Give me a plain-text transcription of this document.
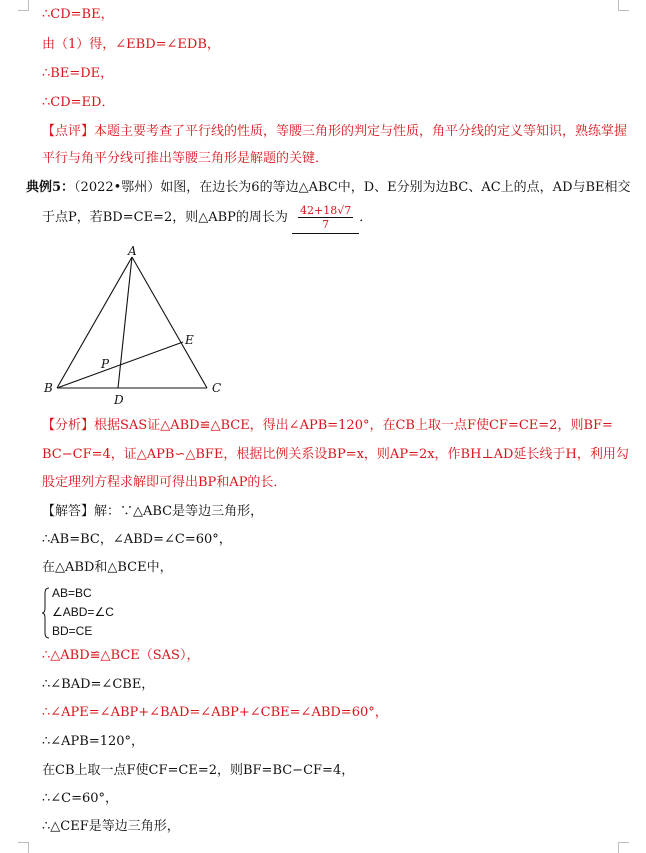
∴CD=BE，
由（1）得，∠EBD=∠EDB，
∴BE=DE，
∴CD=ED．
【点评】本题主要考查了平行线的性质，等腰三角形的判定与性质，角平分线的定义等知识，熟练掌握
平行与角平分线可推出等腰三角形是解题的关键．
典例5：（2022•鄂州）如图，在边长为6的等边△ABC中，D、E分别为边BC、AC上的点，AD与BE相交
于点P，若BD=CE=2，则△ABP的周长为 $\frac{42+18√7}{7}$ ．
A
B	C
D
E
P
【分析】根据SAS证△ABD≌△BCE，得出∠APB=120°，在CB上取一点F使CF=CE=2，则BF=
BC−CF=4，证△APB∽△BFE，根据比例关系设BP=x，则AP=2x，作BH⊥AD延长线于H，利用勾
股定理列方程求解即可得出BP和AP的长．
【解答】解：∵△ABC是等边三角形，
∴AB=BC，∠ABD=∠C=60°，
在△ABD和△BCE中，
AB=BC
∠ABD=∠C
BD=CE
∴△ABD≌△BCE（SAS），
∴∠BAD=∠CBE，
∴∠APE=∠ABP+∠BAD=∠ABP+∠CBE=∠ABD=60°，
∴∠APB=120°，
在CB上取一点F使CF=CE=2，则BF=BC−CF=4，
∴∠C=60°，
∴△CEF是等边三角形，
